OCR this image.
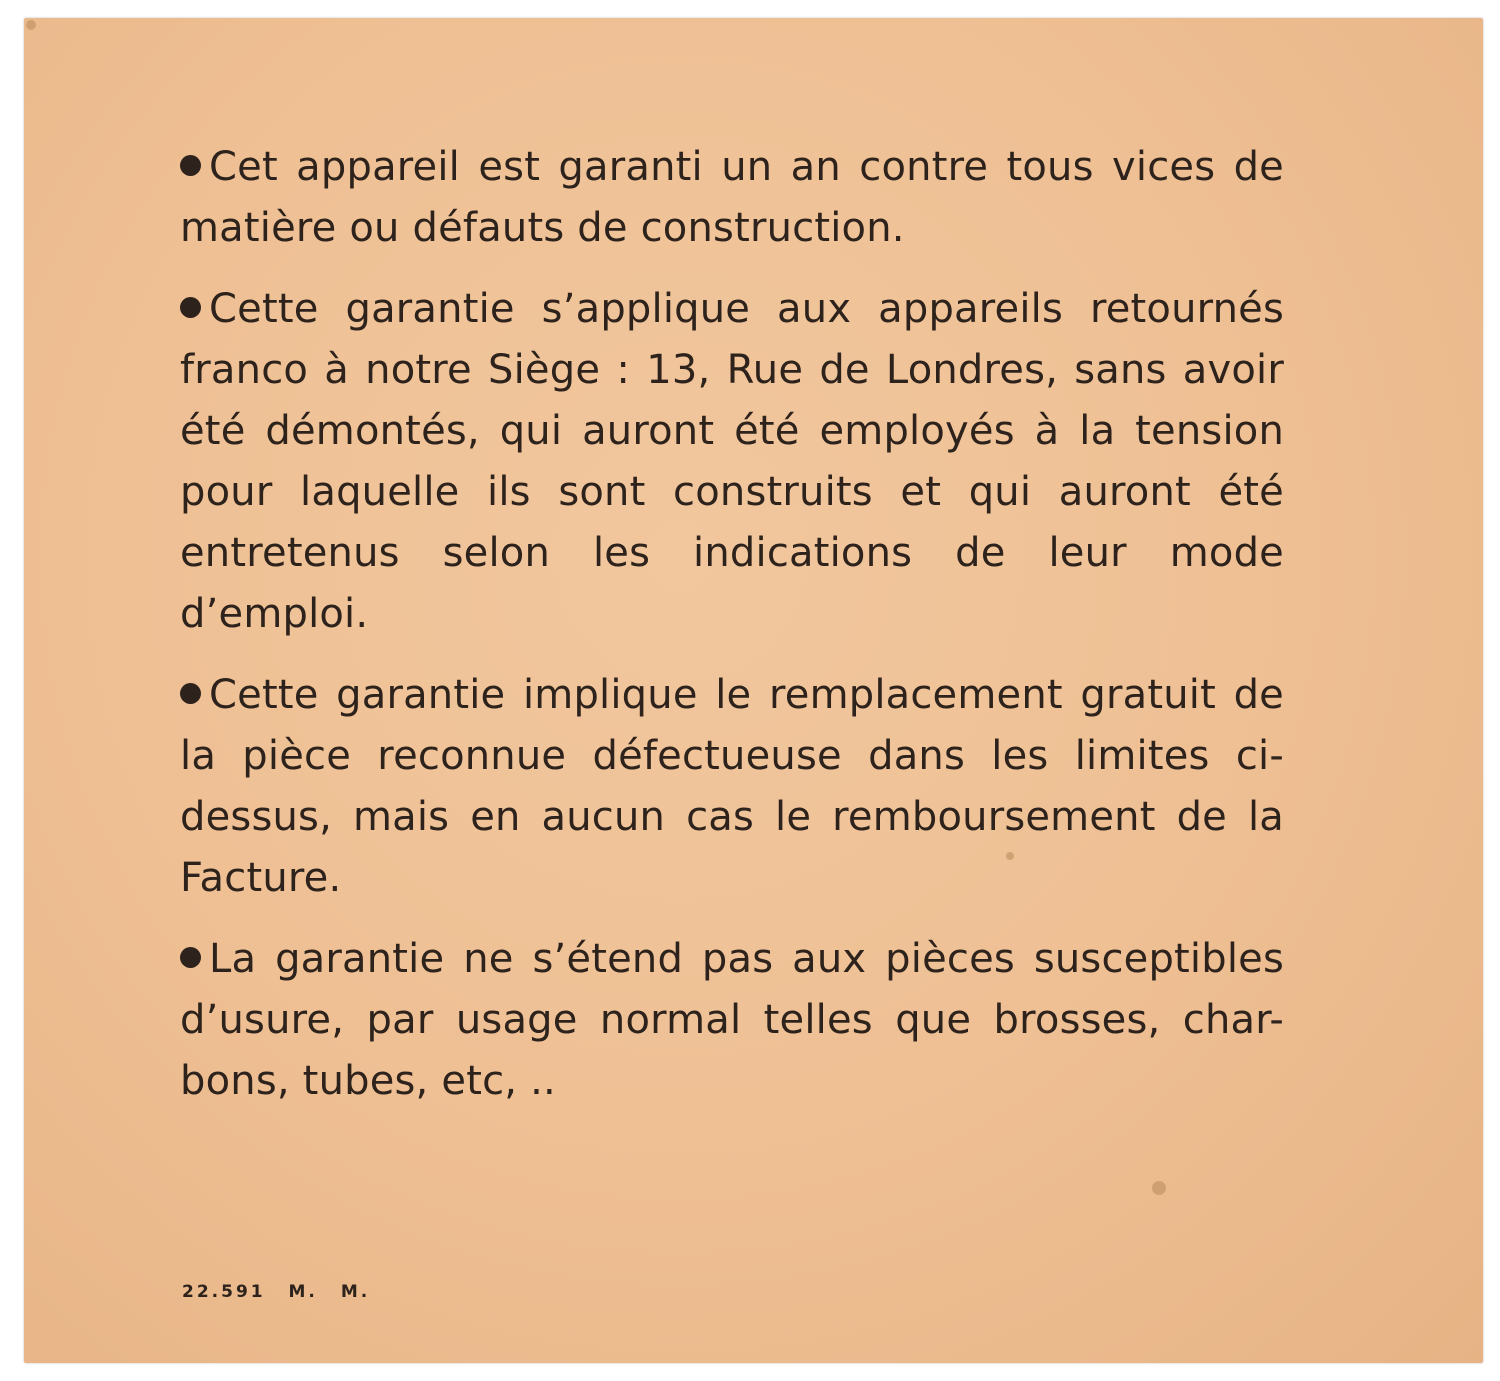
Cet appareil est garanti un an contre tous vices de matière ou défauts de construction.

Cette garantie s’applique aux appareils retournés franco à notre Siège : 13, Rue de Londres, sans avoir été démontés, qui auront été employés à la tension pour laquelle ils sont construits et qui auront été entretenus selon les indications de leur mode d’emploi.

Cette garantie implique le remplacement gratuit de la pièce reconnue défectueuse dans les limites ci-dessus, mais en aucun cas le remboursement de la Facture.

La garantie ne s’étend pas aux pièces susceptibles d’usure, par usage normal telles que brosses, char-bons, tubes, etc, ..

22.591 M. M.
